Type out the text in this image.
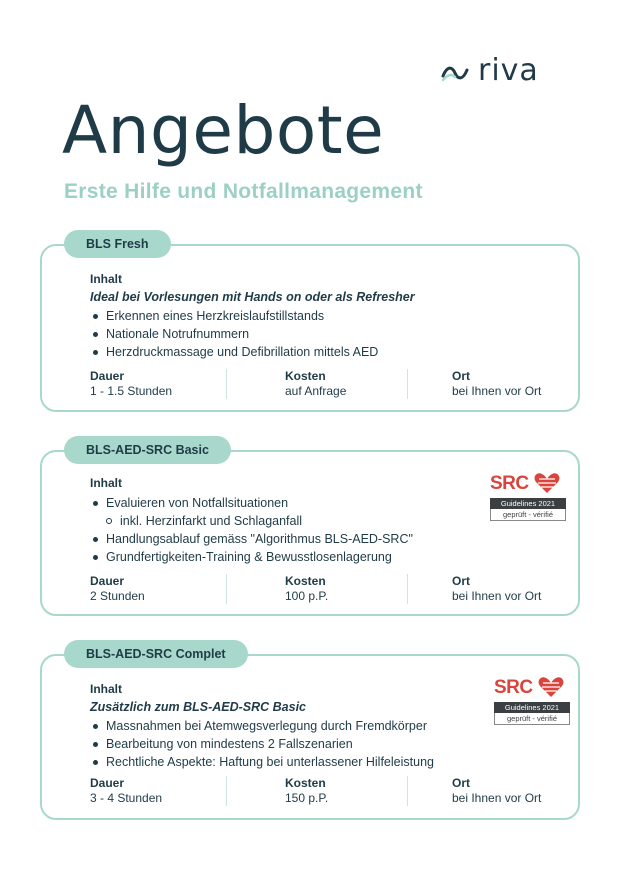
riva
Angebote
Erste Hilfe und Notfallmanagement
BLS Fresh

Inhalt

Ideal bei Vorlesungen mit Hands on oder als Refresher

Erkennen eines Herzkreislaufstillstands
Nationale Notrufnummern
Herzdruckmassage und Defibrillation mittels AED
Dauer
1 - 1.5 Stunden
Kosten
auf Anfrage
Ort
bei Ihnen vor Ort
BLS-AED-SRC Basic

Inhalt

Evaluieren von Notfallsituationen
inkl. Herzinfarkt und Schlaganfall
Handlungsablauf gemäss "Algorithmus BLS-AED-SRC"
Grundfertigkeiten-Training & Bewusstlosenlagerung
SRC
Guidelines 2021
geprüft - vérifié
Dauer
2 Stunden
Kosten
100 p.P.
Ort
bei Ihnen vor Ort
BLS-AED-SRC Complet

Inhalt

Zusätzlich zum BLS-AED-SRC Basic

Massnahmen bei Atemwegsverlegung durch Fremdkörper
Bearbeitung von mindestens 2 Fallszenarien
Rechtliche Aspekte: Haftung bei unterlassener Hilfeleistung
SRC
Guidelines 2021
geprüft - vérifié
Dauer
3 - 4 Stunden
Kosten
150 p.P.
Ort
bei Ihnen vor Ort
